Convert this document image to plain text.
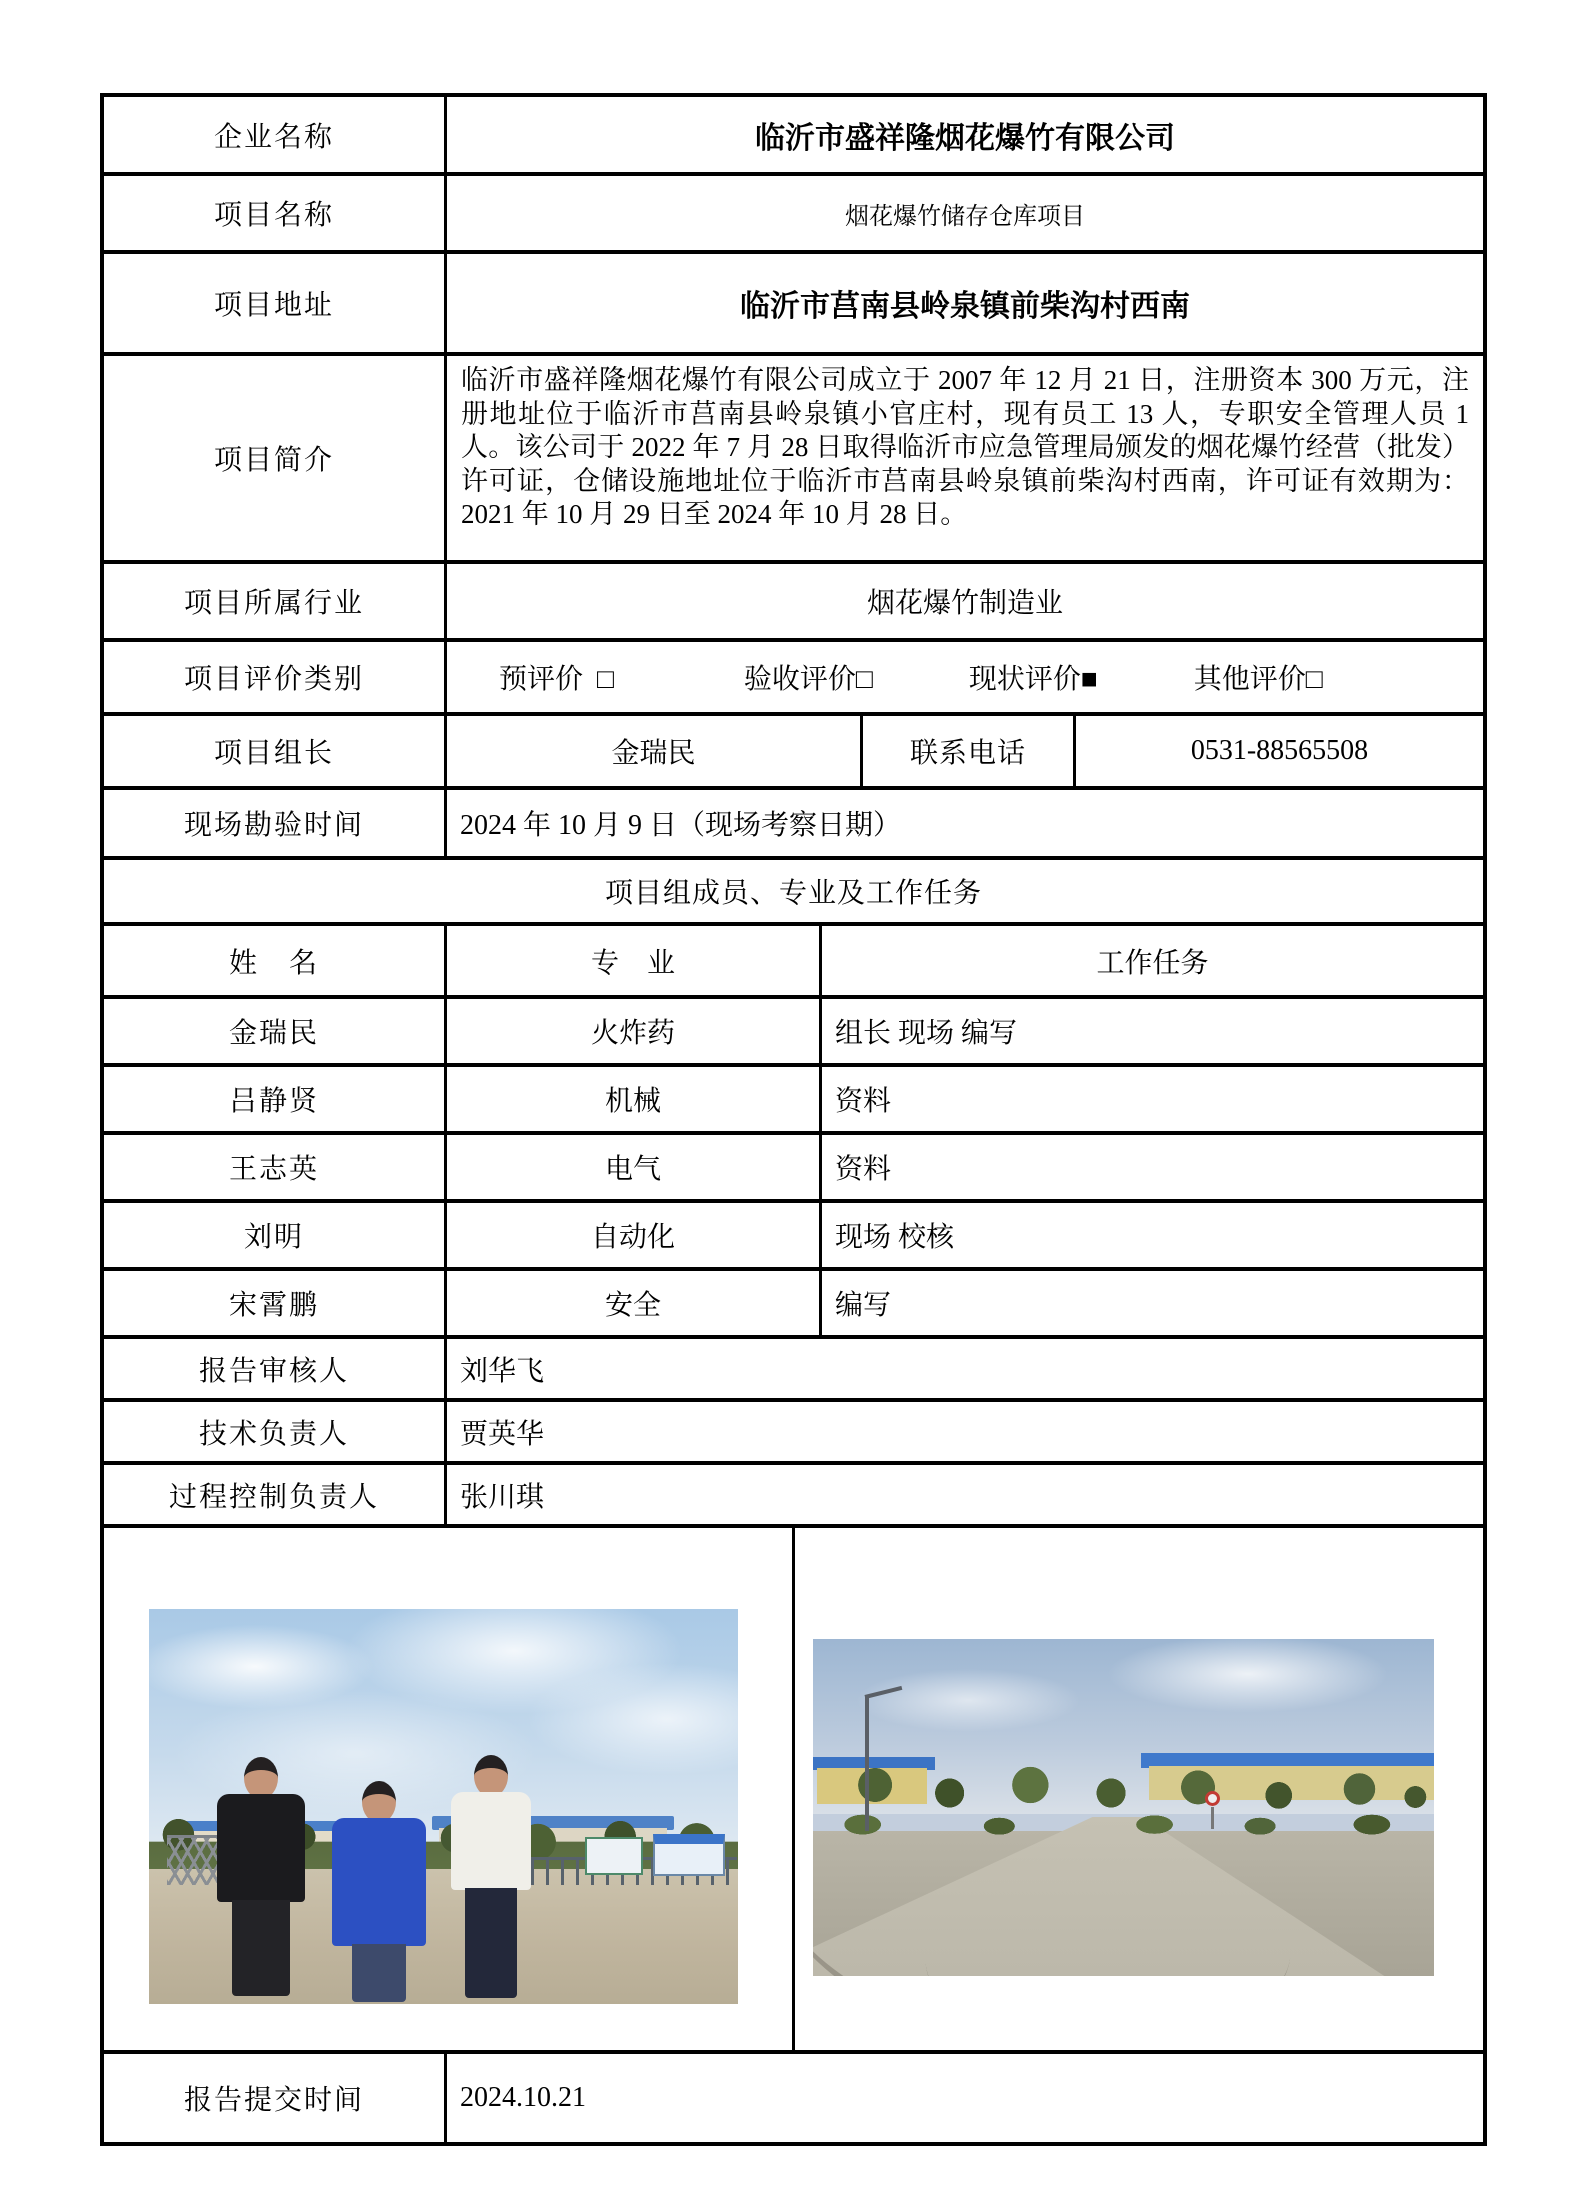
企业名称	临沂市盛祥隆烟花爆竹有限公司
项目名称	烟花爆竹储存仓库项目
项目地址	临沂市莒南县岭泉镇前柴沟村西南
项目简介
临沂市盛祥隆烟花爆竹有限公司成立于 2007 年 12 月 21 日，注册资本 300 万元，注册地址位于临沂市莒南县岭泉镇小官庄村，现有员工 13 人，专职安全管理人员 1 人。该公司于 2022 年 7 月 28 日取得临沂市应急管理局颁发的烟花爆竹经营（批发）许可证，仓储设施地址位于临沂市莒南县岭泉镇前柴沟村西南，许可证有效期为：2021 年 10 月 29 日至 2024 年 10 月 28 日。
项目所属行业	烟花爆竹制造业
项目评价类别	预评价  □	验收评价□	现状评价■	其他评价□
项目组长	金瑞民	联系电话	0531-88565508
现场勘验时间	2024 年 10 月 9 日（现场考察日期）
项目组成员、专业及工作任务
姓　名	专　业	工作任务
金瑞民	火炸药	组长 现场 编写
吕静贤	机械	资料
王志英	电气	资料
刘明	自动化	现场 校核
宋霄鹏	安全	编写
报告审核人	刘华飞
技术负责人	贾英华
过程控制负责人	张川琪
报告提交时间	2024.10.21
